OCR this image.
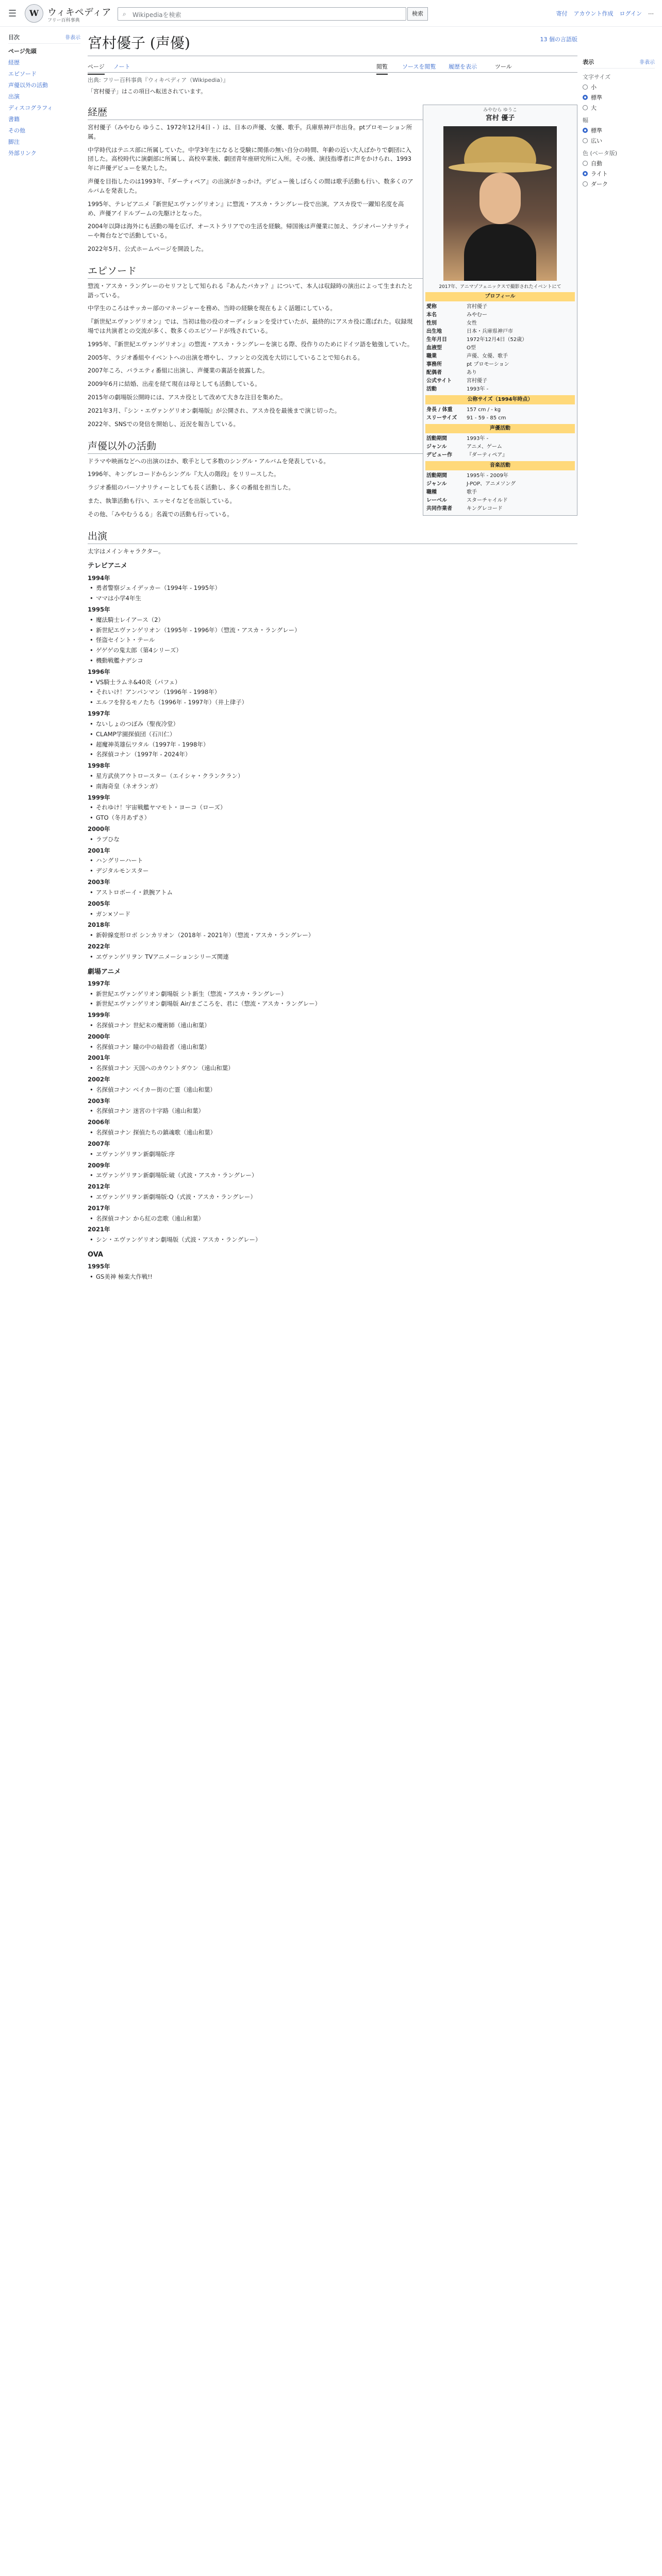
☰	W ウィキペディア
フリー百科事典
⌕ Wikipediaを検索	検索	寄付 アカウント作成 ログイン ⋯
目次	非表示
ページ先頭
経歴
エピソード
声優以外の活動
出演
ディスコグラフィ
書籍
その他
脚注
外部リンク
13 個の言語版
宮村優子 (声優)
ページ ノート	閲覧	ソースを閲覧 履歴を表示	ツール
出典: フリー百科事典『ウィキペディア（Wikipedia）』
「宮村優子」はこの項目へ転送されています。
みやむら ゆうこ
宮村 優子
2017年、アニマゾフェニックスで撮影されたイベントにて
プロフィール
愛称	宮村優子
本名	みやむー
性別	女性
出生地	日本・兵庫県神戸市
生年月日	1972年12月4日（52歳）
血液型	O型
職業	声優、女優、歌手
事務所	pt プロモーション
配偶者	あり
公式サイト	宮村優子
活動	1993年 -
公称サイズ（1994年時点）
身長 / 体重	157 cm / - kg
スリーサイズ	91 - 59 - 85 cm
声優活動
活動期間	1993年 -
ジャンル	アニメ、ゲーム
デビュー作	『ダーティペア』
音楽活動
活動期間	1995年 - 2009年
ジャンル	J-POP、アニメソング
職種	歌手
レーベル	スターチャイルド
共同作業者	キングレコード
経歴

宮村優子（みやむら ゆうこ、1972年12月4日 - ）は、日本の声優、女優、歌手。兵庫県神戸市出身。ptプロモーション所属。

中学時代はテニス部に所属していた。中学3年生になると受験に関係の無い自分の時間、年齢の近い大人ばかりで劇団に入団した。高校時代に演劇部に所属し、高校卒業後、劇団青年座研究所に入所。その後、演技指導者に声をかけられ、1993年に声優デビューを果たした。

声優を目指したのは1993年、『ダーティペア』の出演がきっかけ。デビュー後しばらくの間は歌手活動も行い、数多くのアルバムを発表した。

1995年、テレビアニメ『新世紀エヴァンゲリオン』に惣流・アスカ・ラングレー役で出演。アスカ役で一躍知名度を高め、声優アイドルブームの先駆けとなった。

2004年以降は海外にも活動の場を広げ、オーストラリアでの生活を経験。帰国後は声優業に加え、ラジオパーソナリティーや舞台などで活動している。

2022年5月、公式ホームページを開設した。

エピソード

惣流・アスカ・ラングレーのセリフとして知られる『あんたバカァ？』について、本人は収録時の演出によって生まれたと語っている。

中学生のころはサッカー部のマネージャーを務め、当時の経験を現在もよく話題にしている。

『新世紀エヴァンゲリオン』では、当初は他の役のオーディションを受けていたが、最終的にアスカ役に選ばれた。収録現場では共演者との交流が多く、数多くのエピソードが残されている。

1995年、『新世紀エヴァンゲリオン』の惣流・アスカ・ラングレーを演じる際、役作りのためにドイツ語を勉強していた。

2005年、ラジオ番組やイベントへの出演を増やし、ファンとの交流を大切にしていることで知られる。

2007年ころ、バラエティ番組に出演し、声優業の裏話を披露した。

2009年6月に結婚、出産を経て現在は母としても活動している。

2015年の劇場版公開時には、アスカ役として改めて大きな注目を集めた。

2021年3月、『シン・エヴァンゲリオン劇場版』が公開され、アスカ役を最後まで演じ切った。

2022年、SNSでの発信を開始し、近況を報告している。

声優以外の活動

ドラマや映画などへの出演のほか、歌手として多数のシングル・アルバムを発表している。

1996年、キングレコードからシングル『大人の階段』をリリースした。

ラジオ番組のパーソナリティーとしても長く活動し、多くの番組を担当した。

また、執筆活動も行い、エッセイなどを出版している。

その他、「みやむうるる」名義での活動も行っている。

出演

太字はメインキャラクター。

テレビアニメ
1994年
• 勇者警察ジェイデッカー（1994年 - 1995年）
• ママは小学4年生
1995年
• 魔法騎士レイアース（2）
• 新世紀エヴァンゲリオン（1995年 - 1996年）（惣流・アスカ・ラングレー）
• 怪盗セイント・テール
• ゲゲゲの鬼太郎（第4シリーズ）
• 機動戦艦ナデシコ
1996年
• VS騎士ラムネ&40炎（パフェ）
• それいけ！アンパンマン（1996年 - 1998年）
• エルフを狩るモノたち（1996年 - 1997年）（井上律子）
1997年
• ないしょのつぼみ（聖夜冷堂）
• CLAMP学園探偵団（石川仁）
• 超魔神英雄伝ワタル（1997年 - 1998年）
• 名探偵コナン（1997年 - 2024年）
1998年
• 星方武侠アウトロースター（エイシャ・クランクラン）
• 南海奇皇（ネオランガ）
1999年
• それゆけ！宇宙戦艦ヤマモト・ヨーコ（ローズ）
• GTO（冬月あずさ）
2000年
• ラブひな
2001年
• ハングリーハート
• デジタルモンスター
2003年
• アストロボーイ・鉄腕アトム
2005年
• ガン×ソード
2018年
• 新幹線変形ロボ シンカリオン（2018年 - 2021年）（惣流・アスカ・ラングレー）
2022年
• ヱヴァンゲリヲン TVアニメーションシリーズ関連
劇場アニメ
1997年
• 新世紀エヴァンゲリオン劇場版 シト新生（惣流・アスカ・ラングレー）
• 新世紀エヴァンゲリオン劇場版 Air/まごころを、君に（惣流・アスカ・ラングレー）
1999年
• 名探偵コナン 世紀末の魔術師（遠山和葉）
2000年
• 名探偵コナン 瞳の中の暗殺者（遠山和葉）
2001年
• 名探偵コナン 天国へのカウントダウン（遠山和葉）
2002年
• 名探偵コナン ベイカー街の亡霊（遠山和葉）
2003年
• 名探偵コナン 迷宮の十字路（遠山和葉）
2006年
• 名探偵コナン 探偵たちの鎮魂歌（遠山和葉）
2007年
• ヱヴァンゲリヲン新劇場版:序
2009年
• ヱヴァンゲリヲン新劇場版:破（式波・アスカ・ラングレー）
2012年
• ヱヴァンゲリヲン新劇場版:Q（式波・アスカ・ラングレー）
2017年
• 名探偵コナン から紅の恋歌（遠山和葉）
2021年
• シン・エヴァンゲリオン劇場版（式波・アスカ・ラングレー）
OVA
1995年
• GS美神 極楽大作戦!!
表示	非表示
文字サイズ
小
標準
大
幅
標準
広い
色 (ベータ版)
自動
ライト
ダーク
